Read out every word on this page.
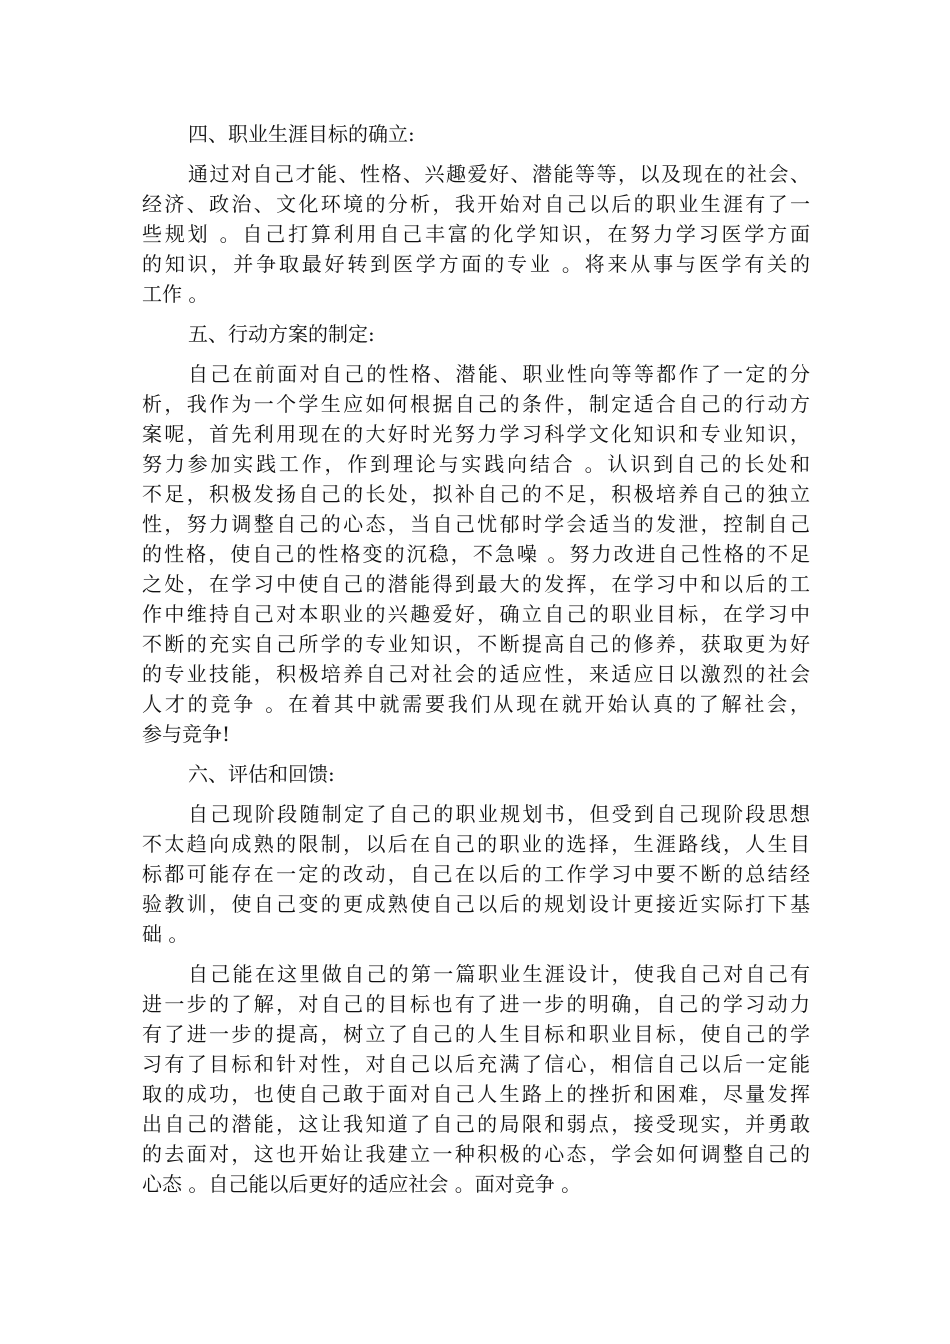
四、职业生涯目标的确立:
通过对自己才能、性格、兴趣爱好、潜能等等，以及现在的社会、
经济、政治、文化环境的分析，我开始对自己以后的职业生涯有了一
些规划 。自己打算利用自己丰富的化学知识，在努力学习医学方面
的知识，并争取最好转到医学方面的专业 。将来从事与医学有关的
工作 。
五、行动方案的制定:
自己在前面对自己的性格、潜能、职业性向等等都作了一定的分
析，我作为一个学生应如何根据自己的条件，制定适合自己的行动方
案呢，首先利用现在的大好时光努力学习科学文化知识和专业知识，
努力参加实践工作，作到理论与实践向结合 。认识到自己的长处和
不足，积极发扬自己的长处，拟补自己的不足，积极培养自己的独立
性，努力调整自己的心态，当自己忧郁时学会适当的发泄，控制自己
的性格，使自己的性格变的沉稳，不急噪 。努力改进自己性格的不足
之处，在学习中使自己的潜能得到最大的发挥，在学习中和以后的工
作中维持自己对本职业的兴趣爱好，确立自己的职业目标，在学习中
不断的充实自己所学的专业知识，不断提高自己的修养，获取更为好
的专业技能，积极培养自己对社会的适应性，来适应日以激烈的社会
人才的竞争 。在着其中就需要我们从现在就开始认真的了解社会，
参与竞争!
六、评估和回馈:
自己现阶段随制定了自己的职业规划书，但受到自己现阶段思想
不太趋向成熟的限制，以后在自己的职业的选择，生涯路线，人生目
标都可能存在一定的改动，自己在以后的工作学习中要不断的总结经
验教训，使自己变的更成熟使自己以后的规划设计更接近实际打下基
础 。
自己能在这里做自己的第一篇职业生涯设计，使我自己对自己有
进一步的了解，对自己的目标也有了进一步的明确，自己的学习动力
有了进一步的提高，树立了自己的人生目标和职业目标，使自己的学
习有了目标和针对性，对自己以后充满了信心，相信自己以后一定能
取的成功，也使自己敢于面对自己人生路上的挫折和困难，尽量发挥
出自己的潜能，这让我知道了自己的局限和弱点，接受现实，并勇敢
的去面对，这也开始让我建立一种积极的心态，学会如何调整自己的
心态 。自己能以后更好的适应社会 。面对竞争 。
